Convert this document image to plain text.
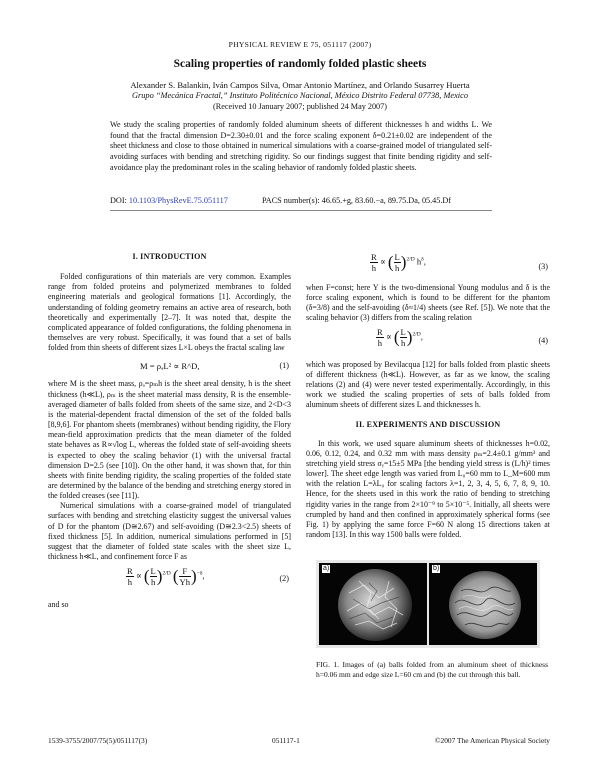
PHYSICAL REVIEW E 75, 051117 (2007)
Scaling properties of randomly folded plastic sheets
Alexander S. Balankin, Iván Campos Silva, Omar Antonio Martínez, and Orlando Susarrey Huerta
Grupo “Mecánica Fractal,” Instituto Politécnico Nacional, México Distrito Federal 07738, Mexico
(Received 10 January 2007; published 24 May 2007)
We study the scaling properties of randomly folded aluminum sheets of different thicknesses h and widths L. We found that the fractal dimension D=2.30±0.01 and the force scaling exponent δ=0.21±0.02 are independent of the sheet thickness and close to those obtained in numerical simulations with a coarse-grained model of triangulated self-avoiding surfaces with bending and stretching rigidity. So our findings suggest that finite bending rigidity and self-avoidance play the predominant roles in the scaling behavior of randomly folded plastic sheets.
DOI: 10.1103/PhysRevE.75.051117	PACS number(s): 46.65.+g, 83.60.−a, 89.75.Da, 05.45.Df
I. INTRODUCTION

Folded configurations of thin materials are very common. Examples range from folded proteins and polymerized membranes to folded engineering materials and geological formations [1]. Accordingly, the understanding of folding geometry remains an active area of research, both theoretically and experimentally [2–7]. It was noted that, despite the complicated appearance of folded configurations, the folding phenomena in themselves are very robust. Specifically, it was found that a set of balls folded from thin sheets of different sizes L×L obeys the fractal scaling law

M = ρₐL² ∝ R^D,	(1)

where M is the sheet mass, ρₐ=ρₘh is the sheet areal density, h is the sheet thickness (h≪L), ρₘ is the sheet material mass density, R is the ensemble-averaged diameter of balls folded from sheets of the same size, and 2<D<3 is the material-dependent fractal dimension of the set of the folded balls [8,9,6]. For phantom sheets (membranes) without bending rigidity, the Flory mean-field approximation predicts that the mean diameter of the folded state behaves as R∝√log L, whereas the folded state of self-avoiding sheets is expected to obey the scaling behavior (1) with the universal fractal dimension D=2.5 (see [10]). On the other hand, it was shown that, for thin sheets with finite bending rigidity, the scaling properties of the folded state are determined by the balance of the bending and stretching energy stored in the folded creases (see [11]).

Numerical simulations with a coarse-grained model of triangulated surfaces with bending and stretching elasticity suggest the universal values of D for the phantom (D≅2.67) and self-avoiding (D≅2.3<2.5) sheets of fixed thickness [5]. In addition, numerical simulations performed in [5] suggest that the diameter of folded state scales with the sheet size L, thickness h≪L, and confinement force F as

$\frac{R}{h}$ ∝ ( $\frac{L}{h} )^{2/D}$ ( $\frac{F}{Yh} )^{-\delta}$,	(2)
and so
$\frac{R}{h}$ ∝ ( $\frac{L}{h} )^{2/D}$ $h^\delta$,
(3)

when F=const; here Y is the two-dimensional Young modulus and δ is the force scaling exponent, which is found to be different for the phantom (δ=3/8) and the self-avoiding (δ≈1/4) sheets (see Ref. [5]). We note that the scaling behavior (3) differs from the scaling relation

$\frac{R}{h}$ ∝ ( $\frac{L}{h} )^{2/D}$,	(4)

which was proposed by Bevilacqua [12] for balls folded from plastic sheets of different thickness (h≪L). However, as far as we know, the scaling relations (2) and (4) were never tested experimentally. Accordingly, in this work we studied the scaling properties of sets of balls folded from aluminum sheets of different sizes L and thicknesses h.

II. EXPERIMENTS AND DISCUSSION

In this work, we used square aluminum sheets of thicknesses h=0.02, 0.06, 0.12, 0.24, and 0.32 mm with mass density ρₘ=2.4±0.1 g/mm³ and stretching yield stress σᵧ=15±5 MPa [the bending yield stress is (L/h)² times lower]. The sheet edge length was varied from L₀=60 mm to L_M=600 mm with the relation L=λL₀ for scaling factors λ=1, 2, 3, 4, 5, 6, 7, 8, 9, 10. Hence, for the sheets used in this work the ratio of bending to stretching rigidity varies in the range from 2×10⁻⁹ to 5×10⁻⁵. Initially, all sheets were crumpled by hand and then confined in approximately spherical forms (see Fig. 1) by applying the same force F=60 N along 15 directions taken at random [13]. In this way 1500 balls were folded.

a)	b)
FIG. 1. Images of (a) balls folded from an aluminum sheet of thickness h=0.06 mm and edge size L=60 cm and (b) the cut through this ball.
1539-3755/2007/75(5)/051117(3)	051117-1	©2007 The American Physical Society
